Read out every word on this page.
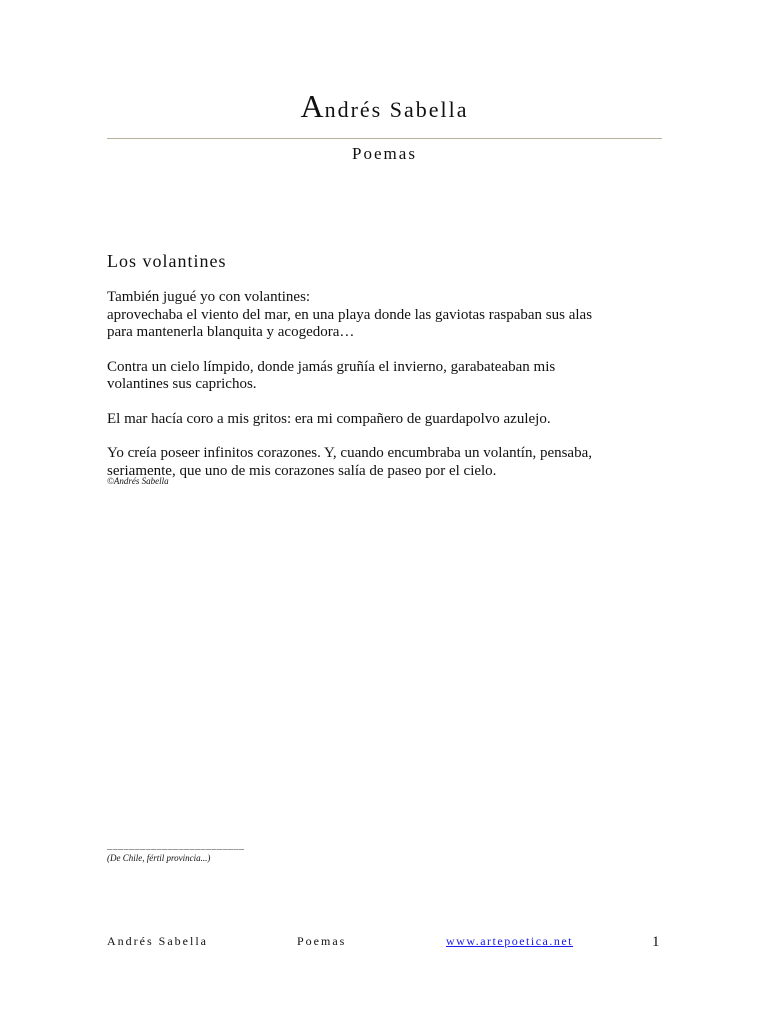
Andrés Sabella
Poemas
Los volantines

También jugué yo con volantines:
aprovechaba el viento del mar, en una playa donde las gaviotas raspaban sus alas
para mantenerla blanquita y acogedora…

Contra un cielo límpido, donde jamás gruñía el invierno, garabateaban mis
volantines sus caprichos.

El mar hacía coro a mis gritos: era mi compañero de guardapolvo azulejo.

Yo creía poseer infinitos corazones. Y, cuando encumbraba un volantín, pensaba,
seriamente, que uno de mis corazones salía de paseo por el cielo.

©Andrés Sabella
_________________________
(De Chile, fértil provincia...)
Andrés Sabella	Poemas	www.artepoetica.net	1
